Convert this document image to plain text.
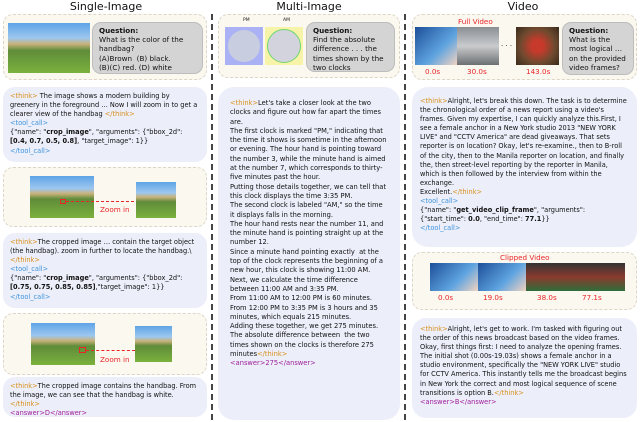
Single-Image	Multi-Image	Video
Question:
What is the color of the handbag?
(A)Brown  (B) black.
(B)(C) red. (D) white
<think> The image shows a modern building by greenery in the foreground … Now I will zoom in to get a clearer view of the handbag </think>
<tool_call>
{"name": "crop_image", "arguments": {"bbox_2d": [0.4, 0.7, 0.5, 0.8], "target_image": 1}}
</tool_call>
Zoom in
<think>The cropped image … contain the target object (the handbag). zoom in further to locate the handbag.\ </think>
<tool_call>
{"name": "crop_image", "arguments": {"bbox_2d": [0.75, 0.75, 0.85, 0.85],"target_image": 1}}
</tool_call>
Zoom in
<think>The cropped image contains the handbag. From the image, we can see that the handbag is white.
</think>
<answer>D</answer>
PM	AM
Question:
Find the absolute difference . . . the times shown by the two clocks
<think>Let's take a closer look at the two clocks and figure out how far apart the times are.
The first clock is marked "PM," indicating that the time it shows is sometime in the afternoon or evening. The hour hand is pointing toward the number 3, while the minute hand is aimed at the number 7, which corresponds to thirty-five minutes past the hour.
Putting those details together, we can tell that this clock displays the time 3:35 PM.
The second clock is labeled "AM," so the time it displays falls in the morning.
The hour hand rests near the number 11, and the minute hand is pointing straight up at the number 12.
Since a minute hand pointing exactly  at the top of the clock represents the beginning of a new hour, this clock is showing 11:00 AM.
Next, we calculate the time difference between 11:00 AM and 3:35 PM.
From 11:00 AM to 12:00 PM is 60 minutes.
From 12:00 PM to 3:35 PM is 3 hours and 35 minutes, which equals 215 minutes.
Adding these together, we get 275 minutes.
The absolute difference between  the two times shown on the clocks is therefore 275 minutes</think>
<answer>275</answer>
Full Video
· · ·
0.0s	30.0s	143.0s
Question:
What is the most logical … on the provided video frames?
<think>Alright, let's break this down. The task is to determine the chronological order of a news report using a video's frames. Given my expertise, I can quickly analyze this.First, I see a female anchor in a New York studio 2013 "NEW YORK LIVE" and "CCTV America" are dead giveaways. That sets reporter is on location? Okay, let's re-examine., then to B-roll of the city, then to the Manila reporter on location, and finally the, then street-level reporting by the reporter in Manila, which is then followed by the interview from within the exchange.
Excellent.</think>
<tool_call>
{"name": "get_video_clip_frame", "arguments": {"start_time": 0.0, "end_time": 77.1}}
</tool_call>
Clipped Video
0.0s	19.0s	38.0s	77.1s
<think>Alright, let's get to work. I'm tasked with figuring out the order of this news broadcast based on the video frames. Okay, first things first: I need to analyze the opening frames. The initial shot (0.00s-19.03s) shows a female anchor in a studio environment, specifically the "NEW YORK LIVE" studio for CCTV America. This instantly tells me the broadcast begins in New York the correct and most logical sequence of scene transitions is option B.</think>
<answer>B</answer>
